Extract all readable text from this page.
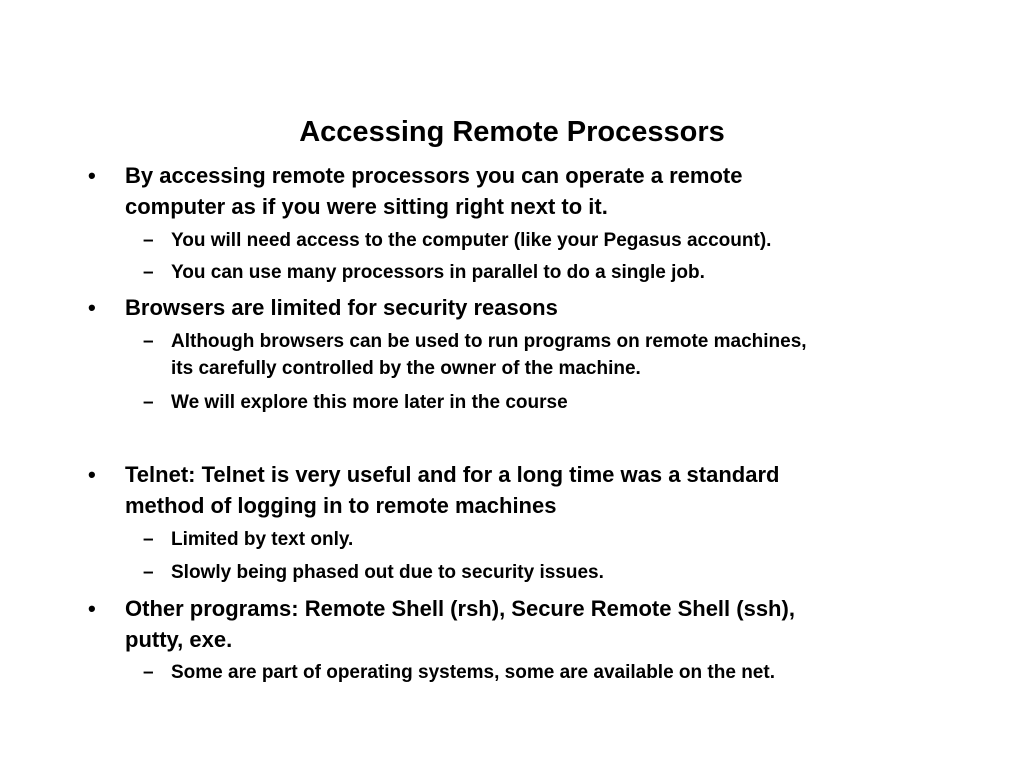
Accessing Remote Processors
•	By accessing remote processors you can operate a remote
computer as if you were sitting right next to it.
– You will need access to the computer (like your Pegasus account).
– You can use many processors in parallel to do a single job.
•	Browsers are limited for security reasons
– Although browsers can be used to run programs on remote machines,
its carefully controlled by the owner of the machine.
– We will explore this more later in the course
•	Telnet: Telnet is very useful and for a long time was a standard
method of logging in to remote machines
– Limited by text only.
– Slowly being phased out due to security issues.
•	Other programs: Remote Shell (rsh), Secure Remote Shell (ssh),
putty, exe.
– Some are part of operating systems, some are available on the net.
